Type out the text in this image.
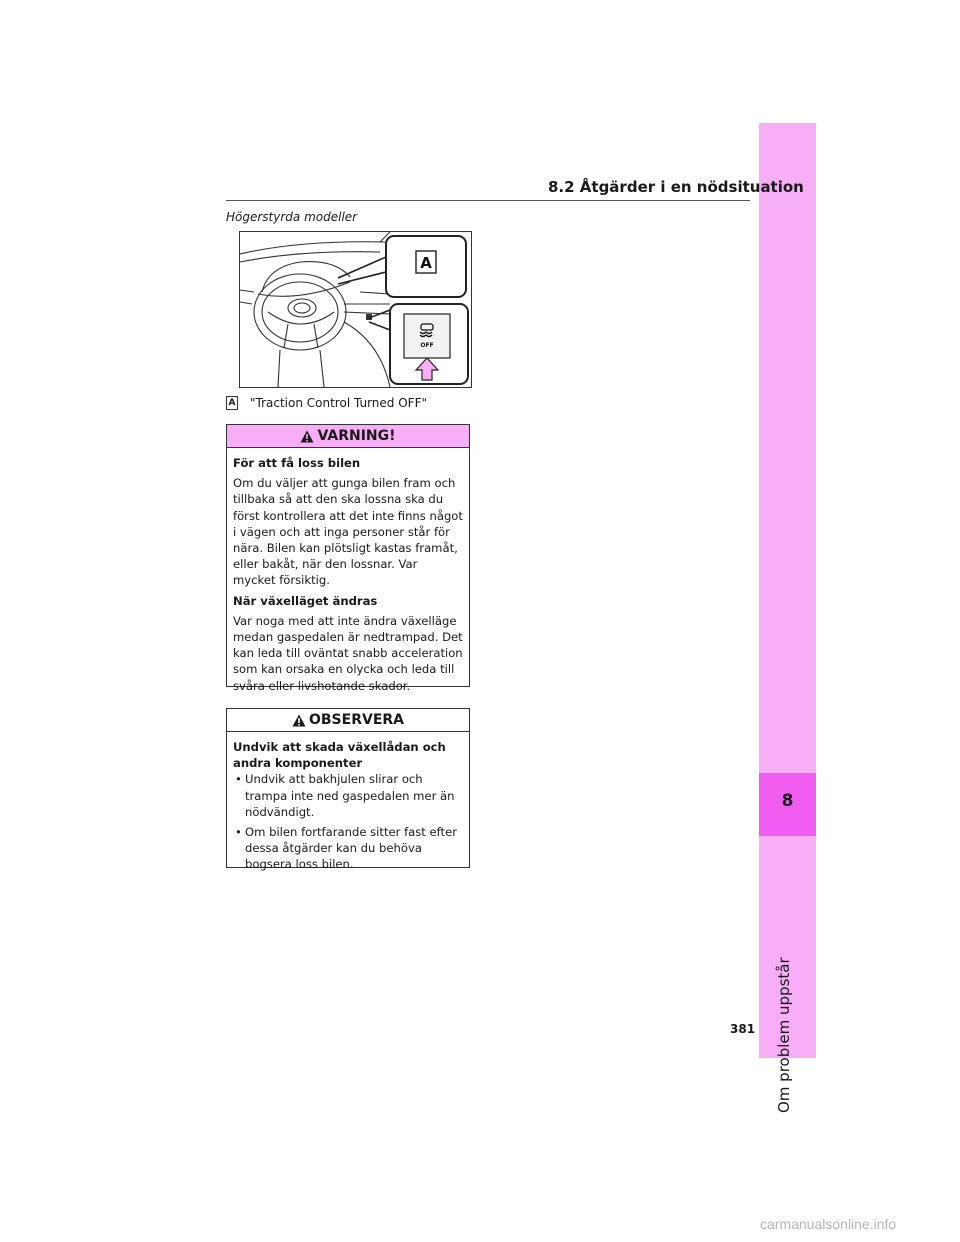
8
Om problem uppstår
8.2 Åtgärder i en nödsituation
Högerstyrda modeller
A
OFF
A "Traction Control Turned OFF"
VARNING!

För att få loss bilen

Om du väljer att gunga bilen fram och tillbaka så att den ska lossna ska du först kontrollera att det inte finns något i vägen och att inga personer står för nära. Bilen kan plötsligt kastas framåt, eller bakåt, när den lossnar. Var mycket försiktig.

När växelläget ändras

Var noga med att inte ändra växelläge medan gaspedalen är nedtrampad. Det kan leda till oväntat snabb acceleration som kan orsaka en olycka och leda till svåra eller livshotande skador.

OBSERVERA

Undvik att skada växellådan och andra komponenter

• Undvik att bakhjulen slirar och trampa inte ned gaspedalen mer än nödvändigt.

• Om bilen fortfarande sitter fast efter dessa åtgärder kan du behöva bogsera loss bilen.

381
carmanualsonline.info
